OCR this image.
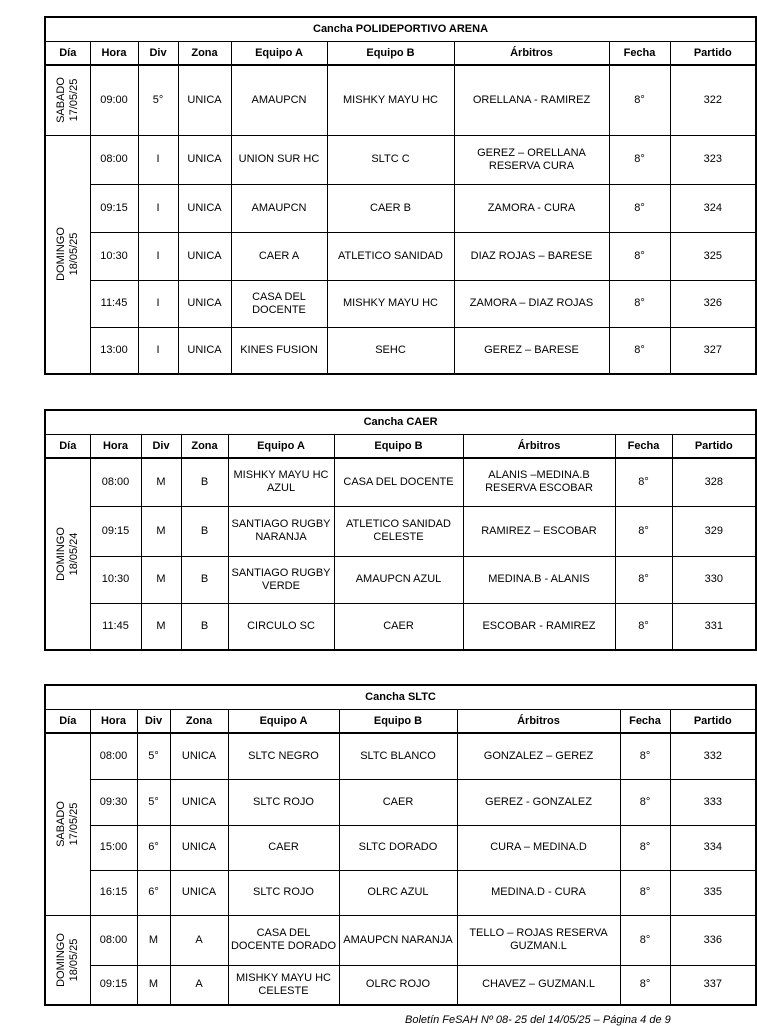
Cancha POLIDEPORTIVO ARENA								
Día	Hora	Div	Zona	Equipo A	Equipo B	Árbitros	Fecha	Partido

SABADO 17/05/25	09:00	5°	UNICA	AMAUPCN	MISHKY MAYU HC	ORELLANA - RAMIREZ	8°	322

DOMINGO 18/05/25	08:00	I	UNICA	UNION SUR HC	SLTC C	GEREZ – ORELLANA RESERVA CURA	8°	323
	09:15	I	UNICA	AMAUPCN	CAER B	ZAMORA - CURA	8°	324
	10:30	I	UNICA	CAER A	ATLETICO SANIDAD	DIAZ ROJAS – BARESE	8°	325
	11:45	I	UNICA	CASA DEL DOCENTE	MISHKY MAYU HC	ZAMORA – DIAZ ROJAS	8°	326
	13:00	I	UNICA	KINES FUSION	SEHC	GEREZ – BARESE	8°	327
Cancha CAER								
Día	Hora	Div	Zona	Equipo A	Equipo B	Árbitros	Fecha	Partido

DOMINGO 18/05/24	08:00	M	B	MISHKY MAYU HC AZUL	CASA DEL DOCENTE	ALANIS –MEDINA.B RESERVA ESCOBAR	8°	328
	09:15	M	B	SANTIAGO RUGBY NARANJA	ATLETICO SANIDAD CELESTE	RAMIREZ – ESCOBAR	8°	329
	10:30	M	B	SANTIAGO RUGBY VERDE	AMAUPCN AZUL	MEDINA.B - ALANIS	8°	330
	11:45	M	B	CIRCULO SC	CAER	ESCOBAR - RAMIREZ	8°	331
Cancha SLTC								
Día	Hora	Div	Zona	Equipo A	Equipo B	Árbitros	Fecha	Partido

SABADO 17/05/25	08:00	5°	UNICA	SLTC NEGRO	SLTC BLANCO	GONZALEZ – GEREZ	8°	332
	09:30	5°	UNICA	SLTC ROJO	CAER	GEREZ - GONZALEZ	8°	333
	15:00	6°	UNICA	CAER	SLTC DORADO	CURA – MEDINA.D	8°	334
	16:15	6°	UNICA	SLTC ROJO	OLRC AZUL	MEDINA.D - CURA	8°	335

DOMINGO 18/05/25	08:00	M	A	CASA DEL DOCENTE DORADO	AMAUPCN NARANJA	TELLO – ROJAS RESERVA GUZMAN.L	8°	336
	09:15	M	A	MISHKY MAYU HC CELESTE	OLRC ROJO	CHAVEZ – GUZMAN.L	8°	337
Boletín FeSAH Nº 08- 25 del 14/05/25 – Página 4 de 9
